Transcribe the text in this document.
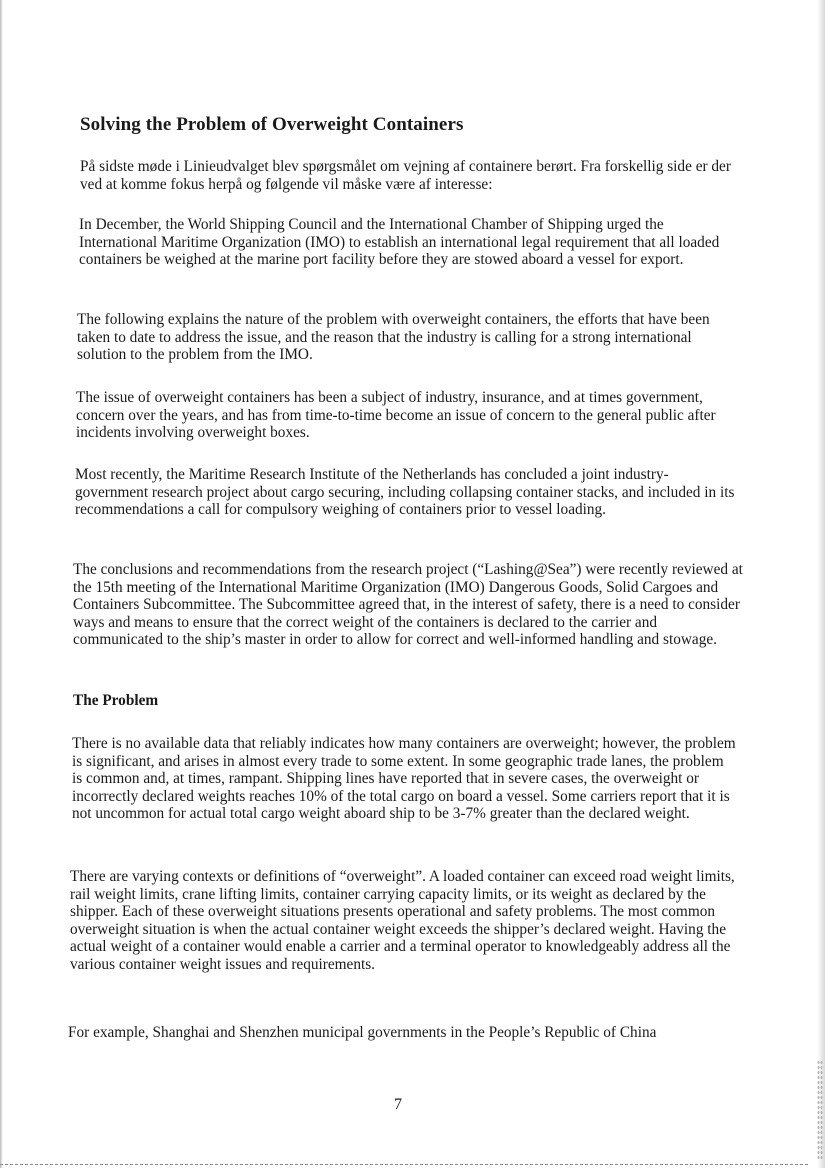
Solving the Problem of Overweight Containers

På sidste møde i Linieudvalget blev spørgsmålet om vejning af containere berørt. Fra forskellig side er der ved at komme fokus herpå og følgende vil måske være af interesse:

In December, the World Shipping Council and the International Chamber of Shipping urged the International Maritime Organization (IMO) to establish an international legal requirement that all loaded containers be weighed at the marine port facility before they are stowed aboard a vessel for export.

The following explains the nature of the problem with overweight containers, the efforts that have been taken to date to address the issue, and the reason that the industry is calling for a strong international solution to the problem from the IMO.

The issue of overweight containers has been a subject of industry, insurance, and at times government, concern over the years, and has from time-to-time become an issue of concern to the general public after incidents involving overweight boxes.

Most recently, the Maritime Research Institute of the Netherlands has concluded a joint industry-government research project about cargo securing, including collapsing container stacks, and included in its recommendations a call for compulsory weighing of containers prior to vessel loading.

The conclusions and recommendations from the research project (“Lashing@Sea”) were recently reviewed at the 15th meeting of the International Maritime Organization (IMO) Dangerous Goods, Solid Cargoes and Containers Subcommittee. The Subcommittee agreed that, in the interest of safety, there is a need to consider ways and means to ensure that the correct weight of the containers is declared to the carrier and communicated to the ship’s master in order to allow for correct and well-informed handling and stowage.

The Problem

There is no available data that reliably indicates how many containers are overweight; however, the problem is significant, and arises in almost every trade to some extent. In some geographic trade lanes, the problem is common and, at times, rampant. Shipping lines have reported that in severe cases, the overweight or incorrectly declared weights reaches 10% of the total cargo on board a vessel. Some carriers report that it is not uncommon for actual total cargo weight aboard ship to be 3-7% greater than the declared weight.

There are varying contexts or definitions of “overweight”. A loaded container can exceed road weight limits, rail weight limits, crane lifting limits, container carrying capacity limits, or its weight as declared by the shipper. Each of these overweight situations presents operational and safety problems. The most common overweight situation is when the actual container weight exceeds the shipper’s declared weight. Having the actual weight of a container would enable a carrier and a terminal operator to knowledgeably address all the various container weight issues and requirements.

For example, Shanghai and Shenzhen municipal governments in the People’s Republic of China

7
